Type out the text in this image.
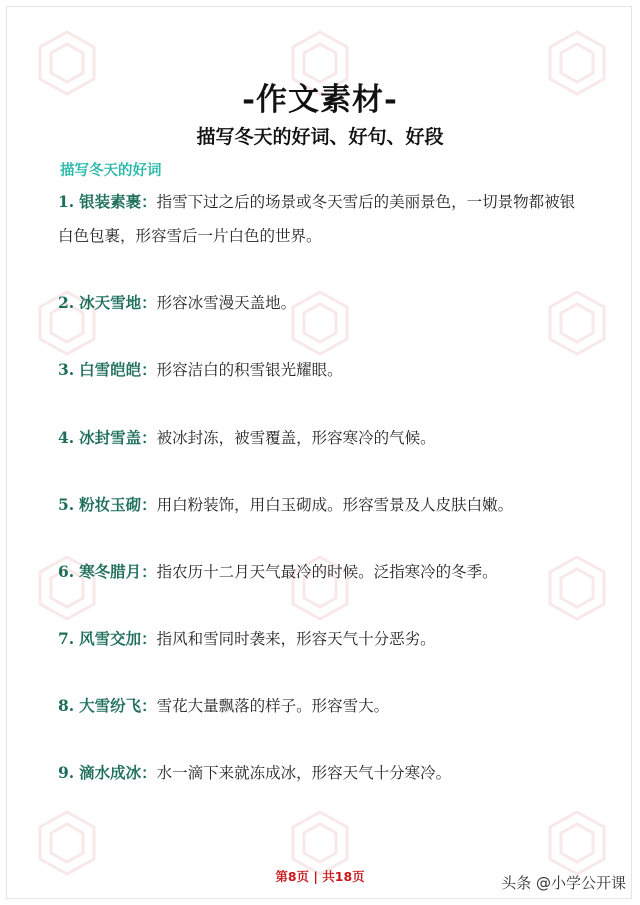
-作文素材-
描写冬天的好词、好句、好段
描写冬天的好词
1. 银装素裹：指雪下过之后的场景或冬天雪后的美丽景色，一切景物都被银白色包裹，形容雪后一片白色的世界。
2. 冰天雪地：形容冰雪漫天盖地。
3. 白雪皑皑：形容洁白的积雪银光耀眼。
4. 冰封雪盖：被冰封冻，被雪覆盖，形容寒冷的气候。
5. 粉妆玉砌：用白粉装饰，用白玉砌成。形容雪景及人皮肤白嫩。
6. 寒冬腊月：指农历十二月天气最冷的时候。泛指寒冷的冬季。
7. 风雪交加：指风和雪同时袭来，形容天气十分恶劣。
8. 大雪纷飞：雪花大量飘落的样子。形容雪大。
9. 滴水成冰：水一滴下来就冻成冰，形容天气十分寒冷。
第8页 | 共18页	头条 @小学公开课
